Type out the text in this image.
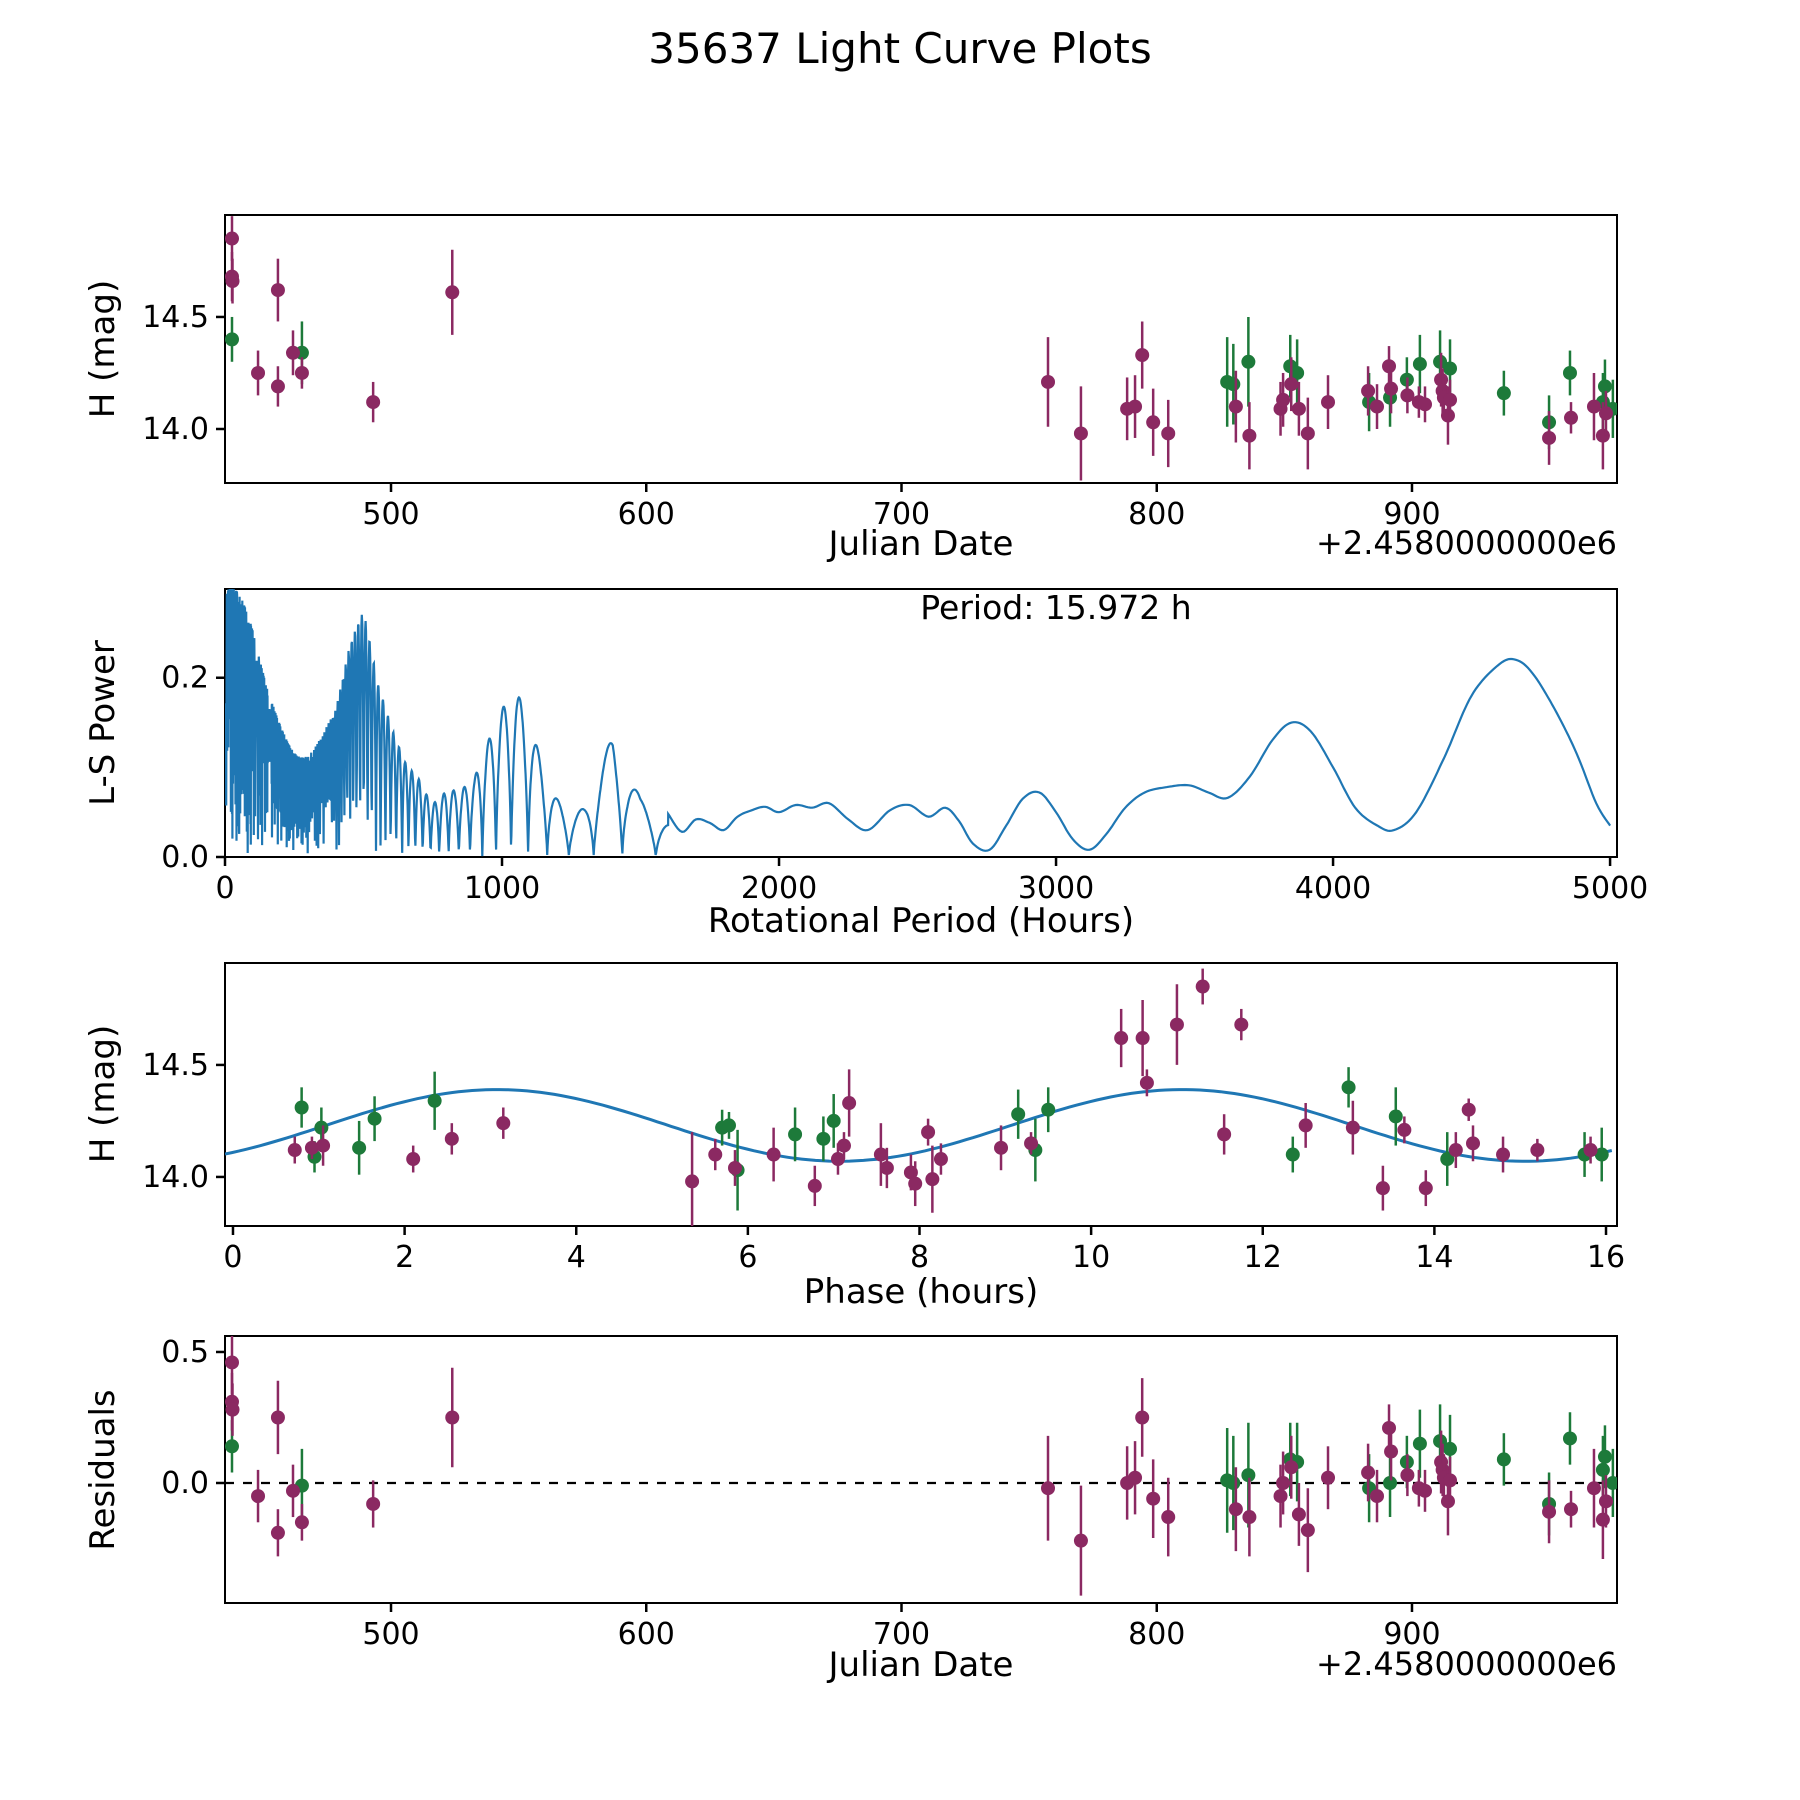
500	600	700	800	900
14.0
14.5
0	1000	2000	3000	4000	5000
0.0
0.2
0	2	4	6	8	10	12	14	16
14.0
14.5
500	600	700	800	900
0.0
0.5
35637 Light Curve Plots
H (mag)
Julian Date	+2.4580000000e6
L-S Power
Period: 15.972 h
Rotational Period (Hours)
H (mag)
Phase (hours)
Residuals
Julian Date	+2.4580000000e6
